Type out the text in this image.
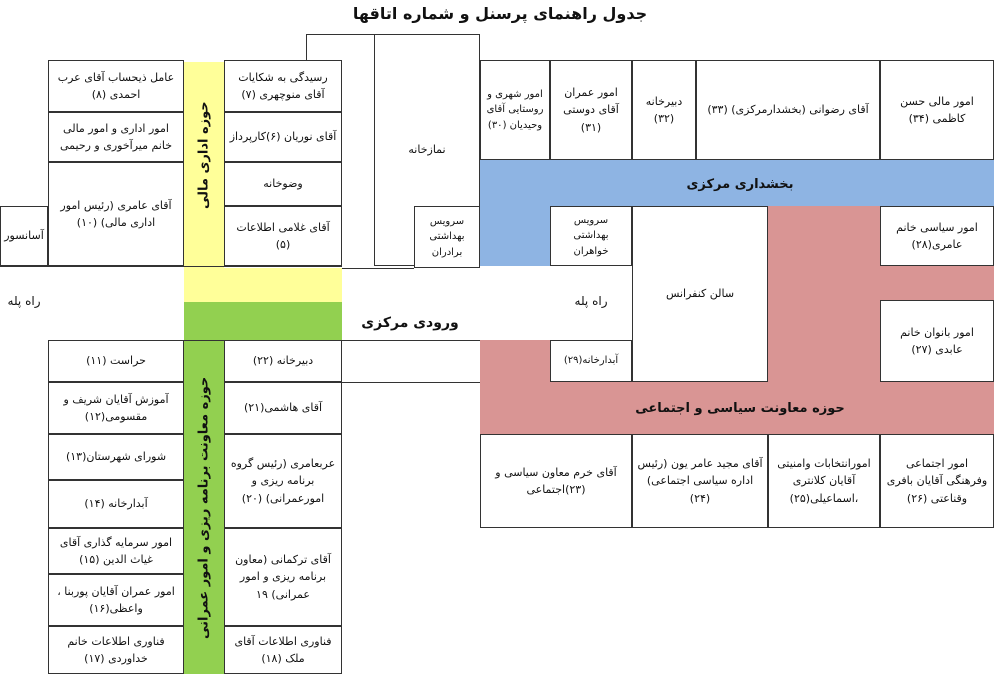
جدول راهنمای پرسنل و شماره اتاقها
حوزه اداری مالی
حوزه معاونت برنامه ریزی و امور عمرانی
بخشداری مرکزی
حوزه معاونت سیاسی و اجتماعی
ورودی مرکزی
راه پله
آسانسور
نمازخانه
سرویس بهداشتی برادران
سرویس بهداشتی خواهران
سالن کنفرانس
راه پله
آبدارخانه(۲۹)
عامل ذیحساب آقای عرب احمدی (۸)
امور اداری و امور مالی خانم میرآخوری و رحیمی
آقای عامری (رئیس امور اداری مالی) (۱۰)
حراست (۱۱)
آموزش آقایان شریف و مقسومی(۱۲)
شورای شهرستان(۱۳)
آبدارخانه (۱۴)
امور سرمایه گذاری آقای غیاث الدین (۱۵)
امور عمران آقایان پوربنا ، واعظی(۱۶)
فناوری اطلاعات خانم خداوردی (۱۷)
رسیدگی به شکایات آقای منوچهری (۷)
آقای نوریان (۶)کارپرداز
وضوخانه
آقای غلامی اطلاعات (۵)
دبیرخانه (۲۲)
آقای هاشمی(۲۱)
عربعامری (رئیس گروه برنامه ریزی و امورعمرانی) (۲۰)
آقای ترکمانی (معاون برنامه ریزی و امور عمرانی) ۱۹
فناوری اطلاعات آقای ملک (۱۸)
امور شهری و روستایی آقای وحیدیان (۳۰)
امور عمران آقای دوستی (۳۱)
دبیرخانه (۳۲)
آقای رضوانی (بخشدارمرکزی) (۳۳)
امور مالی حسن کاظمی (۳۴)
امور سیاسی خانم عامری(۲۸)
امور بانوان خانم عابدی (۲۷)
آقای خرم معاون سیاسی و (۲۳)اجتماعی
آقای مجید عامر یون (رئیس اداره سیاسی اجتماعی) (۲۴)
امورانتخابات وامنیتی آقایان کلانتری ،اسماعیلی(۲۵)
امور اجتماعی وفرهنگی آقایان بافری وقناعتی (۲۶)
